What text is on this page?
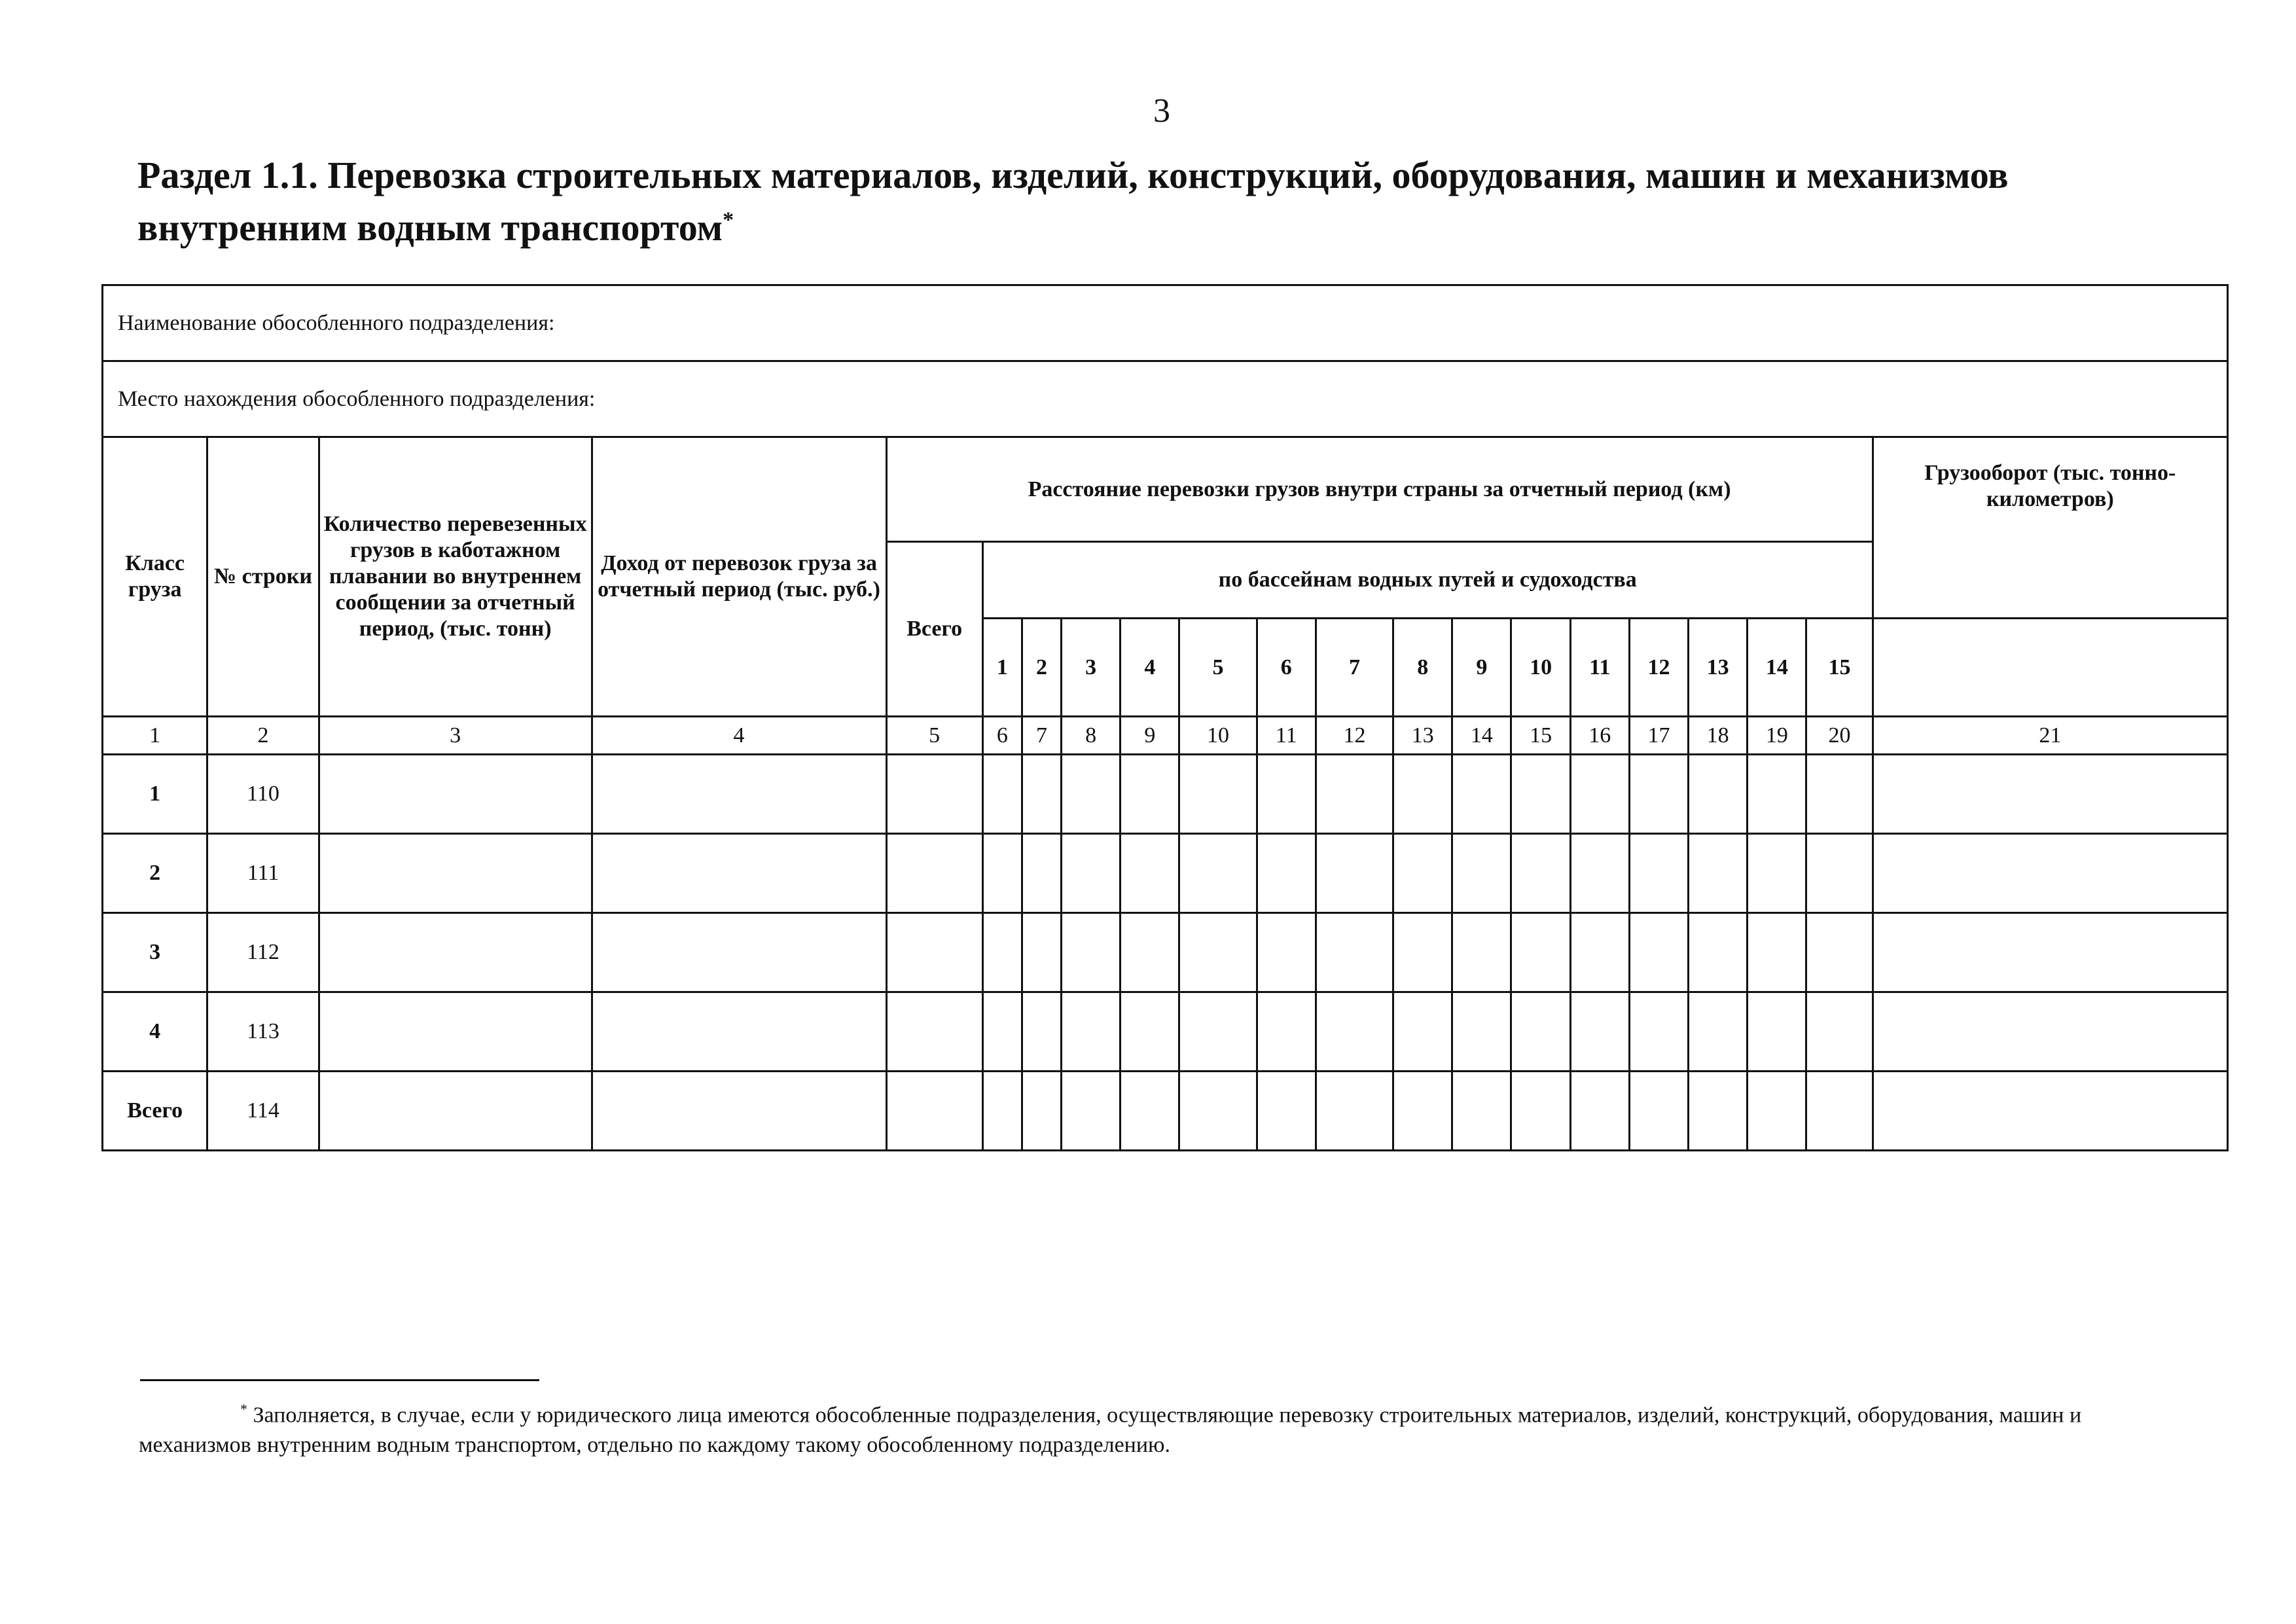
3
Раздел 1.1. Перевозка строительных материалов, изделий, конструкций, оборудования, машин и механизмов внутренним водным транспортом*
Наименование обособленного подразделения:																				
Место нахождения обособленного подразделения:																				
Класс груза	№ строки	Количество перевезенных грузов в каботажном плавании во внутреннем сообщении за отчетный период, (тыс. тонн)	Доход от перевозок груза за отчетный период (тыс. руб.)	Расстояние перевозки грузов внутри страны за отчетный период (км)																Грузооборот (тыс. тонно-километров)
				Всего	по бассейнам водных путей и судоходства															
					1	2	3	4	5	6	7	8	9	10	11	12	13	14	15	
1	2	3	4	5	6	7	8	9	10	11	12	13	14	15	16	17	18	19	20	21
1	110																			
2	111																			
3	112																			
4	113																			
Всего	114																			

* Заполняется, в случае, если у юридического лица имеются обособленные подразделения, осуществляющие перевозку строительных материалов, изделий, конструкций, оборудования, машин и механизмов внутренним водным транспортом, отдельно по каждому такому обособленному подразделению.
